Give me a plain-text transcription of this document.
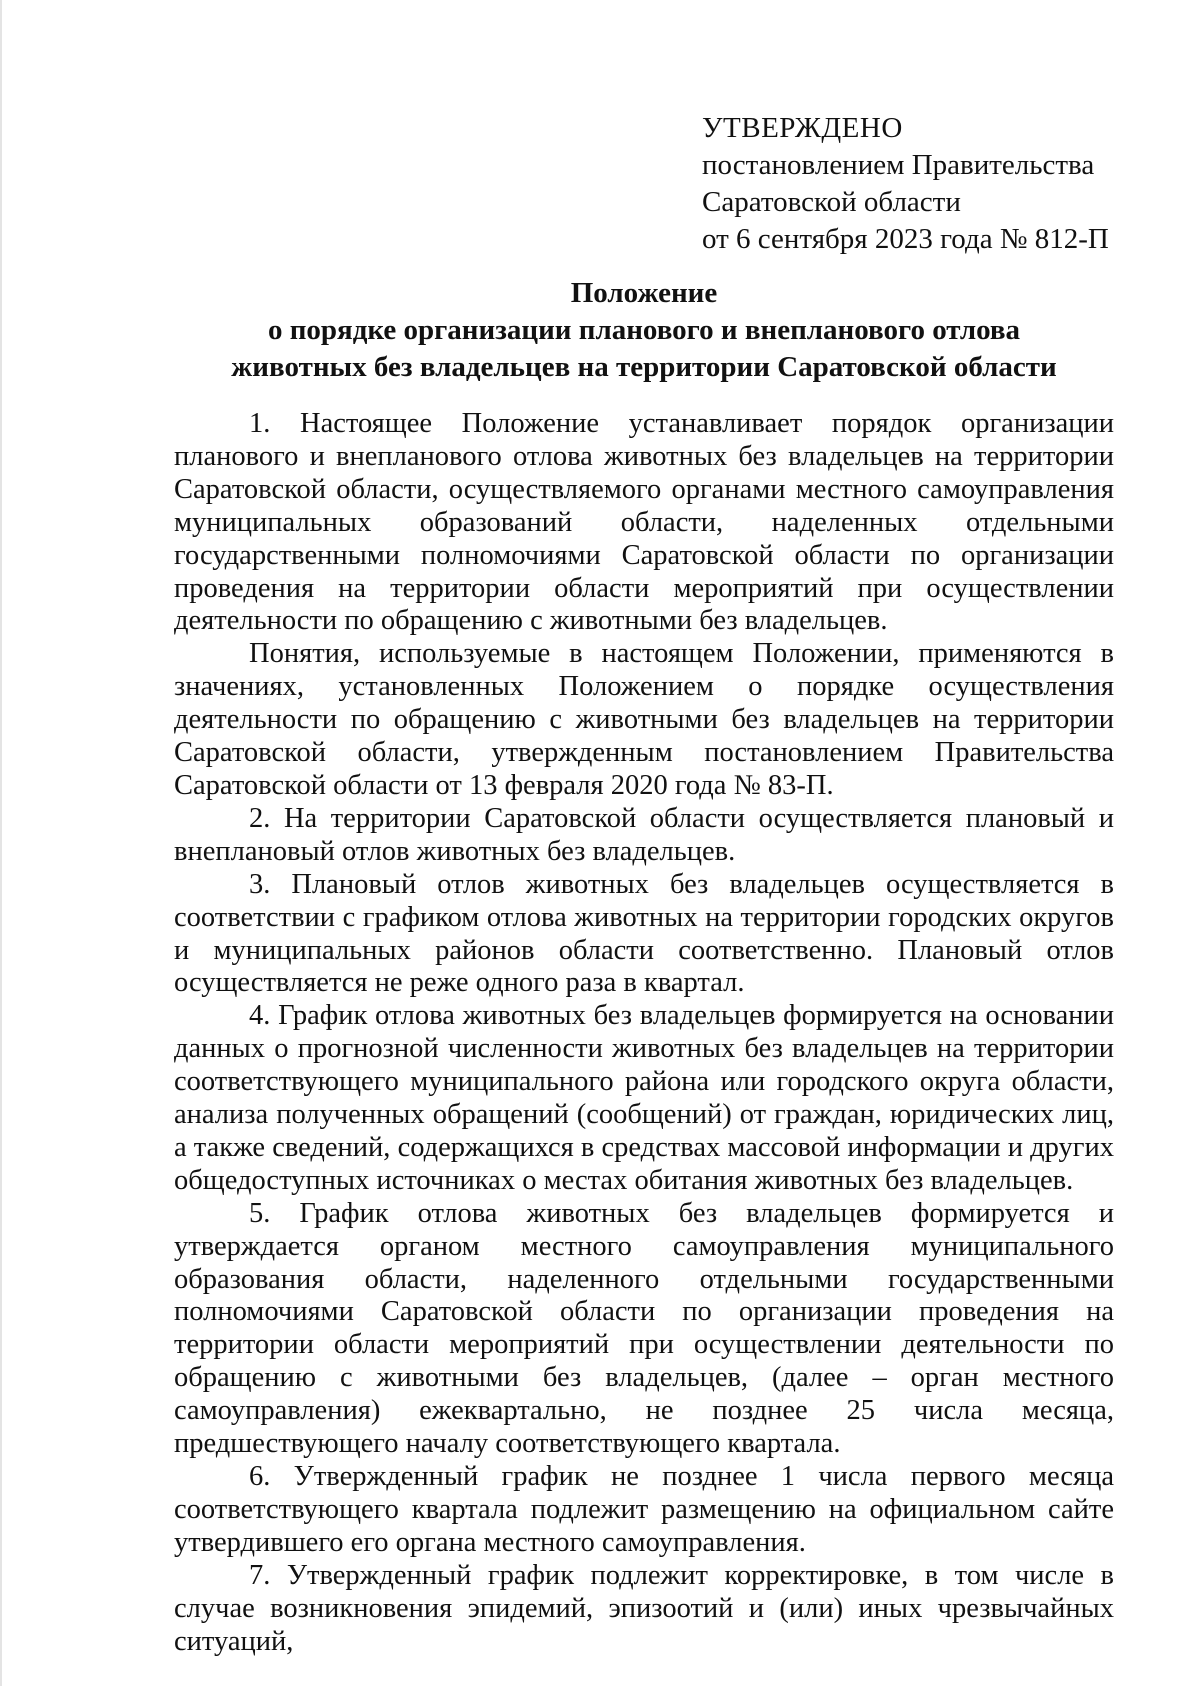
УТВЕРЖДЕНО
постановлением Правительства
Саратовской области
от 6 сентября 2023 года № 812-П
Положение
о порядке организации планового и внепланового отлова
животных без владельцев на территории Саратовской области

1. Настоящее Положение устанавливает порядок организации планового и внепланового отлова животных без владельцев на территории Саратовской области, осуществляемого органами местного самоуправления муниципальных образований области, наделенных отдельными государственными полномочиями Саратовской области по организации проведения на территории области мероприятий при осуществлении деятельности по обращению с животными без владельцев.

Понятия, используемые в настоящем Положении, применяются в значениях, установленных Положением о порядке осуществления деятельности по обращению с животными без владельцев на территории Саратовской области, утвержденным постановлением Правительства Саратовской области от 13 февраля 2020 года № 83-П.

2. На территории Саратовской области осуществляется плановый и внеплановый отлов животных без владельцев.

3. Плановый отлов животных без владельцев осуществляется в соответствии с графиком отлова животных на территории городских округов и муниципальных районов области соответственно. Плановый отлов осуществляется не реже одного раза в квартал.

4. График отлова животных без владельцев формируется на основании данных о прогнозной численности животных без владельцев на территории соответствующего муниципального района или городского округа области, анализа полученных обращений (сообщений) от граждан, юридических лиц, а также сведений, содержащихся в средствах массовой информации и других общедоступных источниках о местах обитания животных без владельцев.

5. График отлова животных без владельцев формируется и утверждается органом местного самоуправления муниципального образования области, наделенного отдельными государственными полномочиями Саратовской области по организации проведения на территории области мероприятий при осуществлении деятельности по обращению с животными без владельцев, (далее – орган местного самоуправления) ежеквартально, не позднее 25 числа месяца, предшествующего началу соответствующего квартала.

6. Утвержденный график не позднее 1 числа первого месяца соответствующего квартала подлежит размещению на официальном сайте утвердившего его органа местного самоуправления.

7. Утвержденный график подлежит корректировке, в том числе в случае возникновения эпидемий, эпизоотий и (или) иных чрезвычайных ситуаций,
